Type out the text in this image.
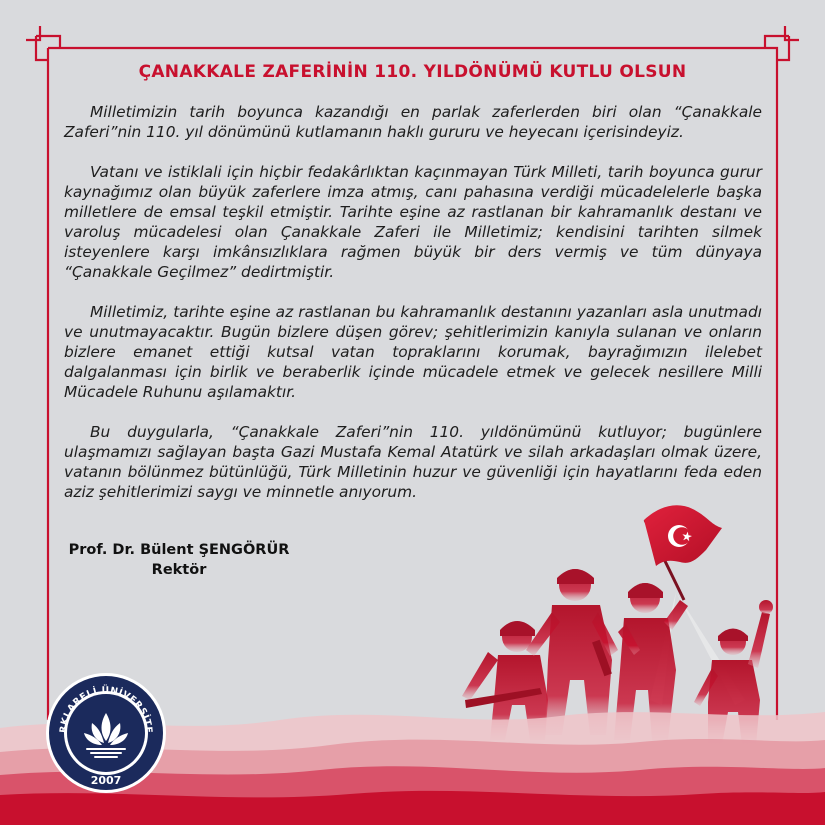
ÇANAKKALE ZAFERİNİN 110. YILDÖNÜMÜ KUTLU OLSUN

Milletimizin tarih boyunca kazandığı en parlak zaferlerden biri olan “Çanakkale Zaferi”nin 110. yıl dönümünü kutlamanın haklı gururu ve heyecanı içerisindeyiz.

Vatanı ve istiklali için hiçbir fedakârlıktan kaçınmayan Türk Milleti, tarih boyunca gurur kaynağımız olan büyük zaferlere imza atmış, canı pahasına verdiği mücadelelerle başka milletlere de emsal teşkil etmiştir. Tarihte eşine az rastlanan bir kahramanlık destanı ve varoluş mücadelesi olan Çanakkale Zaferi ile Milletimiz; kendisini tarihten silmek isteyenlere karşı imkânsızlıklara rağmen büyük bir ders vermiş ve tüm dünyaya “Çanakkale Geçilmez” dedirtmiştir.

Milletimiz, tarihte eşine az rastlanan bu kahramanlık destanını yazanları asla unutmadı ve unutmayacaktır. Bugün bizlere düşen görev; şehitlerimizin kanıyla sulanan ve onların bizlere emanet ettiği kutsal vatan topraklarını korumak, bayrağımızın ilelebet dalgalanması için birlik ve beraberlik içinde mücadele etmek ve gelecek nesillere Milli Mücadele Ruhunu aşılamaktır.

Bu duygularla, “Çanakkale Zaferi”nin 110. yıldönümünü kutluyor; bugünlere ulaşmamızı sağlayan başta Gazi Mustafa Kemal Atatürk ve silah arkadaşları olmak üzere, vatanın bölünmez bütünlüğü, Türk Milletinin huzur ve güvenliği için hayatlarını feda eden aziz şehitlerimizi saygı ve minnetle anıyorum.

Prof. Dr. Bülent ŞENGÖRÜR
Rektör
RKLARELİ ÜNİVERSİTE
2007
